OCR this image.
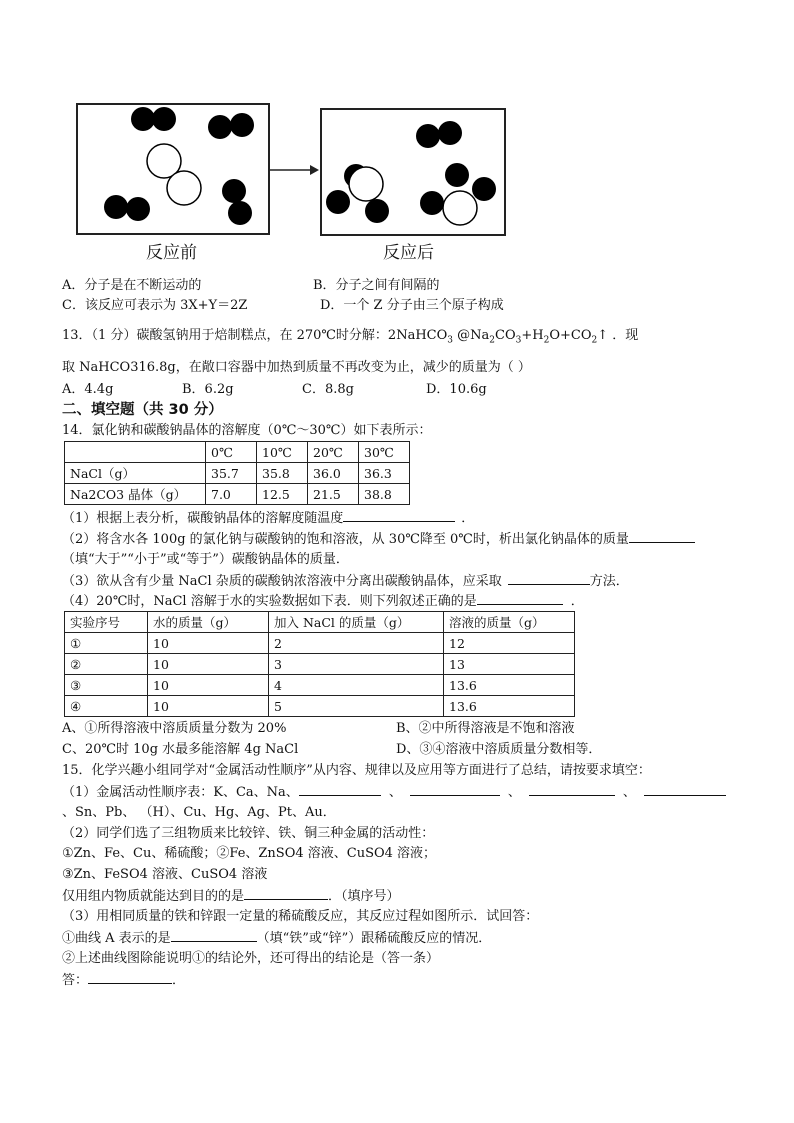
反应前	反应后
A．分子是在不断运动的	B．分子之间有间隔的
C．该反应可表示为 3X+Y＝2Z	D．一个 Z 分子由三个原子构成
13．（1 分）碳酸氢钠用于焙制糕点，在 270℃时分解：2NaHCO$_3$ $@Na_2CO_3+H_2O+CO_2↑$ ．现
取 NaHCO316.8g，在敞口容器中加热到质量不再改变为止，减少的质量为（ ）
A．4.4g	B．6.2g	C．8.8g	D．10.6g
二、填空题（共 30 分）
14．氯化钠和碳酸钠晶体的溶解度（0℃～30℃）如下表所示：
	0℃	10℃	20℃	30℃
NaCl（g）	35.7	35.8	36.0	36.3
Na2CO3 晶体（g）	7.0	12.5	21.5	38.8
（1）根据上表分析，碳酸钠晶体的溶解度随温度	．
（2）将含水各 100g 的氯化钠与碳酸钠的饱和溶液，从 30℃降至 0℃时，析出氯化钠晶体的质量
（填“大于”“小于”或“等于”）碳酸钠晶体的质量．
（3）欲从含有少量 NaCl 杂质的碳酸钠浓溶液中分离出碳酸钠晶体，应采取	方法．
（4）20℃时，NaCl 溶解于水的实验数据如下表．则下列叙述正确的是	．
实验序号	水的质量（g）	加入 NaCl 的质量（g）	溶液的质量（g）
①	10	2	12
②	10	3	13
③	10	4	13.6
④	10	5	13.6
A、①所得溶液中溶质质量分数为 20%	B、②中所得溶液是不饱和溶液
C、20℃时 10g 水最多能溶解 4g NaCl	D、③④溶液中溶质质量分数相等．
15．化学兴趣小组同学对“金属活动性顺序”从内容、规律以及应用等方面进行了总结，请按要求填空：
（1）金属活动性顺序表：K、Ca、Na、	、	、	、
、Sn、Pb、 （H）、Cu、Hg、Ag、Pt、Au．
（2）同学们选了三组物质来比较锌、铁、铜三种金属的活动性：
①Zn、Fe、Cu、稀硫酸；②Fe、ZnSO4 溶液、CuSO4 溶液；
③Zn、FeSO4 溶液、CuSO4 溶液
仅用组内物质就能达到目的的是	．（填序号）
（3）用相同质量的铁和锌跟一定量的稀硫酸反应，其反应过程如图所示．试回答：
①曲线 A 表示的是	（填“铁”或“锌”）跟稀硫酸反应的情况．
②上述曲线图除能说明①的结论外，还可得出的结论是（答一条）
答：	．
